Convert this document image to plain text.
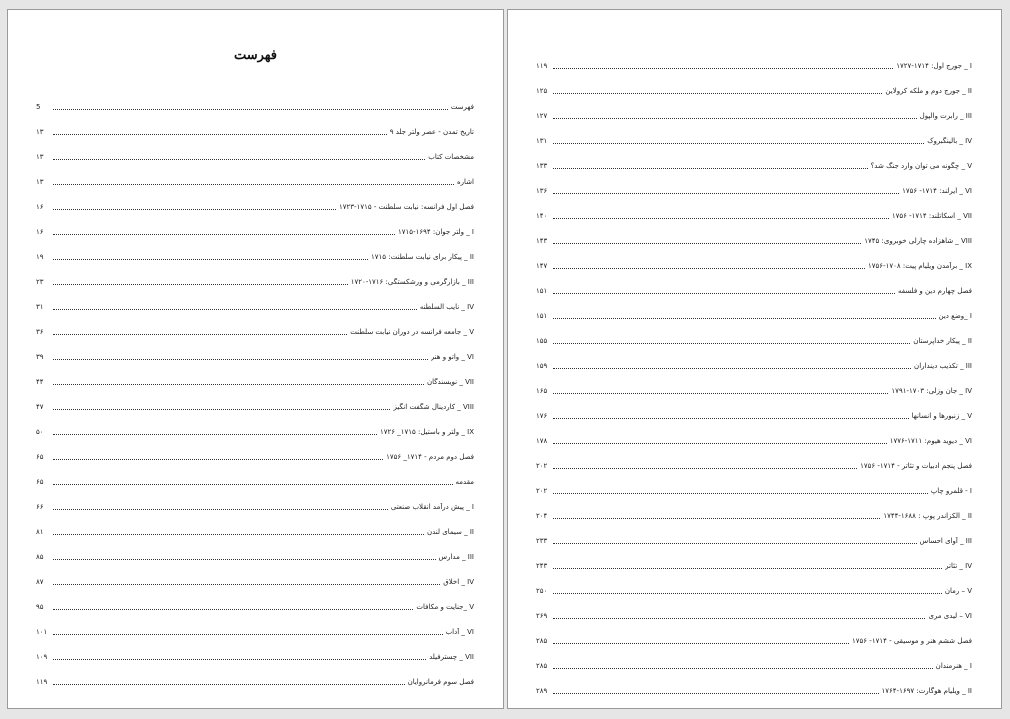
فهرست
5	فهرست
۱۳	تاریخ تمدن - عصر ولتر جلد ۹
۱۳	مشخصات کتاب
۱۳	اشاره
۱۶	فصل اول فرانسه: نیابت سلطنت - ۱۷۱۵-۱۷۲۳
۱۶	I _ ولتر جوان: ۱۶۹۴-۱۷۱۵
۱۹	II _ پیکار برای نیابت سلطنت: ۱۷۱۵
۲۳	III _ بازارگرمی و ورشکستگی: ۱۷۱۶-۱۷۲۰
۳۱	IV _ نایب السلطنه
۳۶	V _ جامعه فرانسه در دوران نیابت سلطنت
۳۹	VI _ واتو و هنر
۴۴	VII _ نویسندگان
۴۷	VIII _ کاردینال شگفت انگیز
۵۰	IX _ ولتر و باستیل: ۱۷۱۵_ ۱۷۲۶
۶۵	فصل دوم مردم - ۱۷۱۴_ ۱۷۵۶
۶۵	مقدمه
۶۶	I _ پیش درآمد انقلاب صنعتی
۸۱	II _ سیمای لندن
۸۵	III _ مدارس
۸۷	IV _ اخلاق
۹۵	V _جنایت و مکافات
۱۰۱	VI _ آداب
۱۰۹	VII _ چسترفیلد
۱۱۹	فصل سوم فرمانروایان
۱۱۹	I _ جورج اول: ۱۷۱۴-۱۷۲۷
۱۲۵	II _ جورج دوم و ملکه کرولاین
۱۲۷	III _ رابرت والپول
۱۳۱	IV _ بالینگبروک
۱۳۳	V _ چگونه می توان وارد جنگ شد؟
۱۳۶	VI _ ایرلند: ۱۷۱۴- ۱۷۵۶
۱۴۰	VII _ اسکاتلند: ۱۷۱۴- ۱۷۵۶
۱۴۳	VIII _ شاهزاده چارلی خوبروی: ۱۷۴۵
۱۴۷	IX _ برآمدن ویلیام پیت: ۱۷۰۸-۱۷۵۶
۱۵۱	فصل چهارم دین و فلسفه
۱۵۱	I _وضع دین
۱۵۵	II _ پیکار خداپرستان
۱۵۹	III _ تکذیب دینداران
۱۶۵	IV _ جان وزلی: ۱۷۰۳-۱۷۹۱
۱۷۶	V _ زنبورها و انسانها
۱۷۸	VI _ دیوید هیوم: ۱۷۱۱-۱۷۷۶
۲۰۲	فصل پنجم ادبیات و تئاتر - ۱۷۱۴- ۱۷۵۶
۲۰۲	I - قلمرو چاپ
۲۰۴	II _ الکزاندر پوپ : ۱۶۸۸-۱۷۴۴
۲۳۳	III _ آوای احساس
۲۴۳	IV _ تئاتر
۲۵۰	V – رمان
۲۶۹	VI – لیدی مری
۲۸۵	فصل ششم هنر و موسیقی - ۱۷۱۴- ۱۷۵۶
۲۸۵	I _ هنرمندان
۲۸۹	II _ ویلیام هوگارت: ۱۶۹۷-۱۷۶۴
